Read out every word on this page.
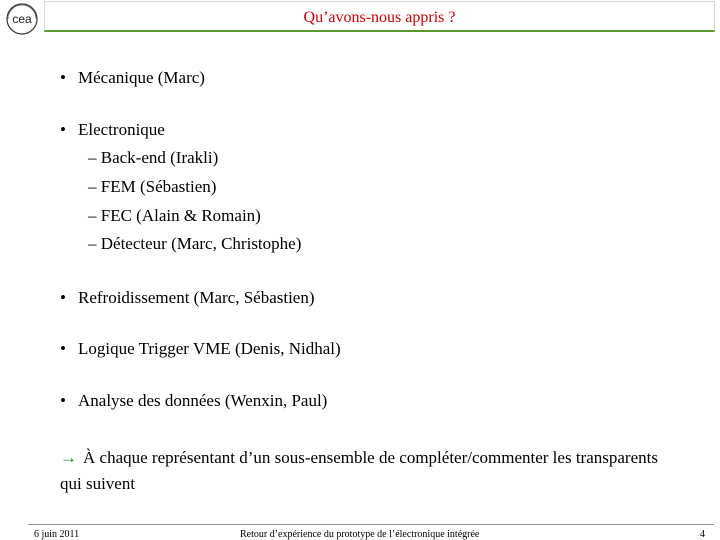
cea	Qu’avons-nous appris ?
• Mécanique (Marc)
• Electronique
– Back-end (Irakli)
– FEM (Sébastien)
– FEC (Alain & Romain)
– Détecteur (Marc, Christophe)
• Refroidissement (Marc, Sébastien)
• Logique Trigger VME (Denis, Nidhal)
• Analyse des données (Wenxin, Paul)
→ À chaque représentant d’un sous-ensemble de compléter/commenter les transparents qui suivent
6 juin 2011	Retour d’expérience du prototype de l’électronique intégrée	4
